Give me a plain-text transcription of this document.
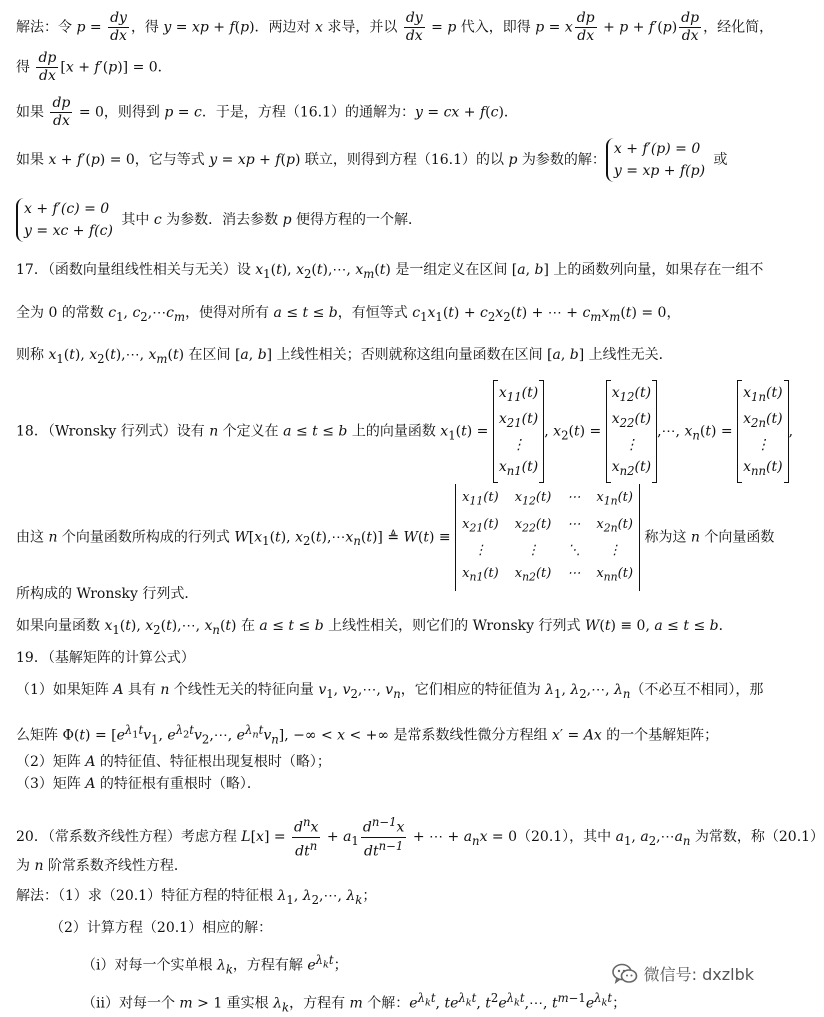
解法：令 $p = \frac{dy}{dx}$ ，得 y = xp + f(p)．两边对 x 求导，并以 $\frac{dy}{dx} = p$ 代入，即得 p = x $\frac{dp}{dx} + p + f'(p) \frac{dp}{dx}$ ，经化简，
得 $\frac{dp}{dx} [x + f'(p)] = 0$．
如果 $\frac{dp}{dx} = 0$，则得到 p = c．于是，方程（16.1）的通解为：y = cx + f(c)．
如果 x + f′(p) = 0，它与等式 y = xp + f(p) 联立，则得到方程（16.1）的以 p 为参数的解：x + f′(p) = 0
y = xp + f(p) 或
x + f′(c) = 0
y = xc + f(c) 其中 c 为参数．消去参数 p 便得方程的一个解．
17．（函数向量组线性相关与无关）设 $x_1(t)$, $x_2(t),\cdots$, $x_m(t)$ 是一组定义在区间 [a, b] 上的函数列向量，如果存在一组不
全为 0 的常数 $c_1$, $c_2,\cdots c_m$，使得对所有 a ≤ t ≤ b，有恒等式 $c_1x_1(t) + c_2x_2(t)$ + ⋯ + $c_mx_m(t) = 0$，
则称 $x_1(t)$, $x_2(t),\cdots$, $x_m(t)$ 在区间 [a, b] 上线性相关；否则就称这组向量函数在区间 [a, b] 上线性无关．
18．（Wronsky 行列式）设有 n 个定义在 a ≤ t ≤ b 上的向量函数 $x_1(t) = x_{11}(t)$
$x_{21}(t)$
⋮
$x_{n1}(t)$, $x_2(t) = x_{12}(t)$
$x_{22}(t)$
⋮
$x_{n2}(t),\cdots$, $x_n(t) = x_{1n}(t)$
$x_{2n}(t)$
⋮
$x_{nn}(t)$,
由这 n 个向量函数所构成的行列式 $W[x_1(t)$, $x_2(t),\cdots x_n(t)$] ≜ W(t) ≡
$x_{11}(t)$ $x_{12}(t)$ ⋯ $x_{1n}(t)$
$x_{21}(t)$ $x_{22}(t)$ ⋯ $x_{2n}(t)$
⋮	⋮	⋱	⋮
$x_{n1}(t)$ $x_{n2}(t)$ ⋯ $x_{nn}(t)$
称为这 n 个向量函数
所构成的 Wronsky 行列式．
如果向量函数 $x_1(t)$, $x_2(t),\cdots$, $x_n(t)$ 在 a ≤ t ≤ b 上线性相关，则它们的 Wronsky 行列式 W(t) ≡ 0, a ≤ t ≤ b．
19．（基解矩阵的计算公式）
（1）如果矩阵 A 具有 n 个线性无关的特征向量 $v_1$, $v_2,\cdots$, $v_n$，它们相应的特征值为 $\lambda_1$, $\lambda_2,\cdots$, $\lambda_n$（不必互不相同），那
么矩阵 $\Phi(t) = [e^{\lambda_1t}v_1$, $e^{\lambda_2t}v_2,\cdots$, $e^{\lambda_nt}v_n$], −∞ < x < +∞ 是常系数线性微分方程组 x′ = Ax 的一个基解矩阵；
（2）矩阵 A 的特征值、特征根出现复根时（略）；
（3）矩阵 A 的特征根有重根时（略）．
20．（常系数齐线性方程）考虑方程 $L[x] = \frac{d^nx}{dt^n} + a_1 \frac{d^{n-1}x}{dt^{n-1}}$ + ⋯ + $a_nx = 0(20.1)$，其中 $a_1$, $a_2,\cdots a_n$ 为常数，称（20.1）
为 n 阶常系数齐线性方程．
解法：（1）求（20.1）特征方程的特征根 $\lambda_1$, $\lambda_2,\cdots$, $\lambda_k$；
（2）计算方程（20.1）相应的解：
（i）对每一个实单根 $\lambda_k$，方程有解 $e^{\lambda_kt}$；
（ii）对每一个 m > 1 重实根 $\lambda_k$，方程有 m 个解：$e^{\lambda_kt}$, $te^{\lambda_kt}$, $t^2e^{\lambda_kt},\cdots$, $t^{m-1}e^{\lambda_kt}$；
微信号: dxzlbk
